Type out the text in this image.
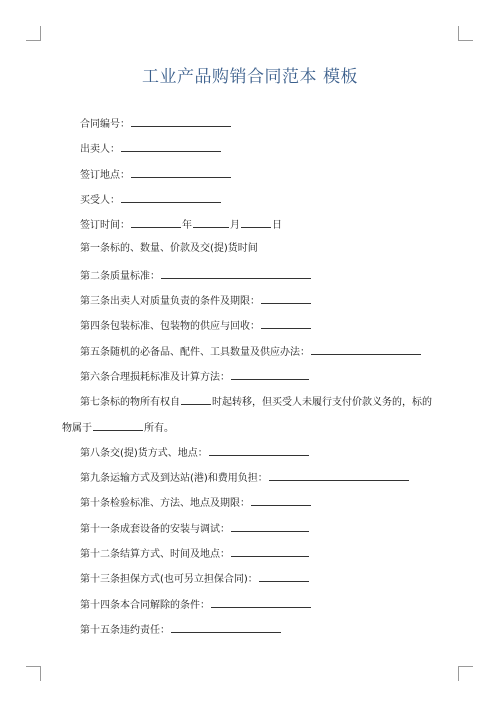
工业产品购销合同范本 模板
合同编号：
出卖人：
签订地点：
买受人：
签订时间：	年	月	日
第一条标的、数量、价款及交(提)货时间
第二条质量标准：
第三条出卖人对质量负责的条件及期限：
第四条包装标准、包装物的供应与回收：
第五条随机的必备品、配件、工具数量及供应办法：
第六条合理损耗标准及计算方法：
第七条标的物所有权自	时起转移，但买受人未履行支付价款义务的，标的
物属于	所有。
第八条交(提)货方式、地点：
第九条运输方式及到达站(港)和费用负担：
第十条检验标准、方法、地点及期限：
第十一条成套设备的安装与调试：
第十二条结算方式、时间及地点：
第十三条担保方式(也可另立担保合同)：
第十四条本合同解除的条件：
第十五条违约责任：
